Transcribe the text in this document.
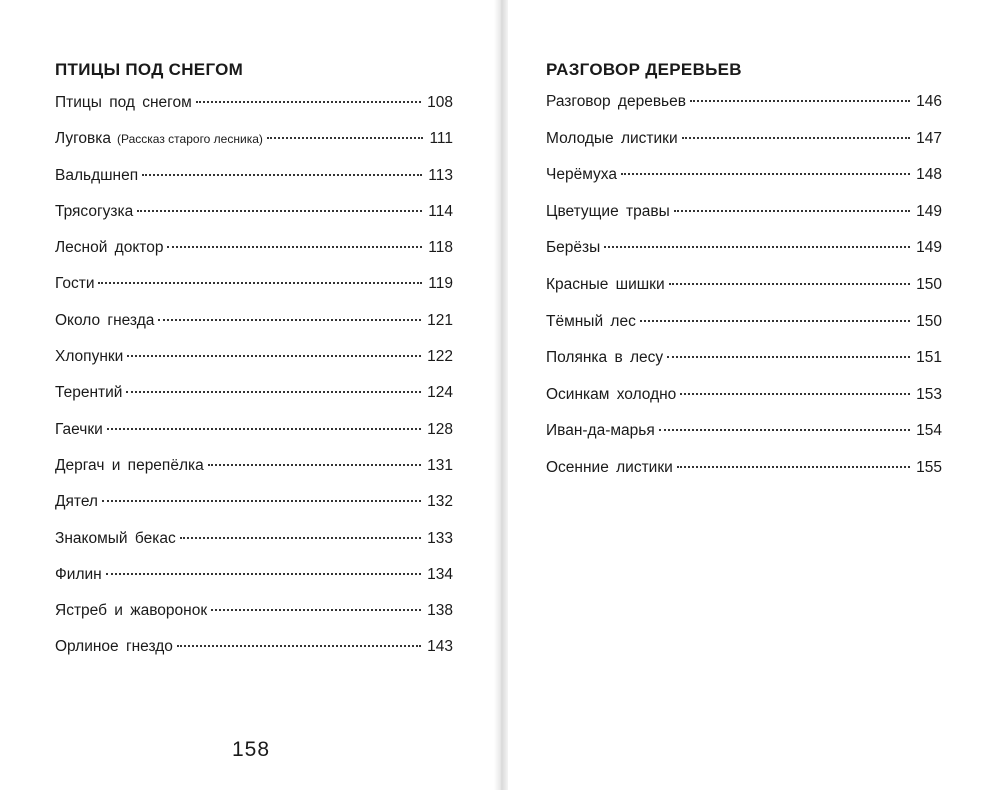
ПТИЦЫ ПОД СНЕГОМ
Птицы под снегом	108
Луговка (Рассказ старого лесника)	111
Вальдшнеп	113
Трясогузка	114
Лесной доктор	118
Гости	119
Около гнезда	121
Хлопунки	122
Терентий	124
Гаечки	128
Дергач и перепёлка	131
Дятел	132
Знакомый бекас	133
Филин	134
Ястреб и жаворонок	138
Орлиное гнездо	143
158
РАЗГОВОР ДЕРЕВЬЕВ
Разговор деревьев	146
Молодые листики	147
Черёмуха	148
Цветущие травы	149
Берёзы	149
Красные шишки	150
Тёмный лес	150
Полянка в лесу	151
Осинкам холодно	153
Иван-да-марья	154
Осенние листики	155
